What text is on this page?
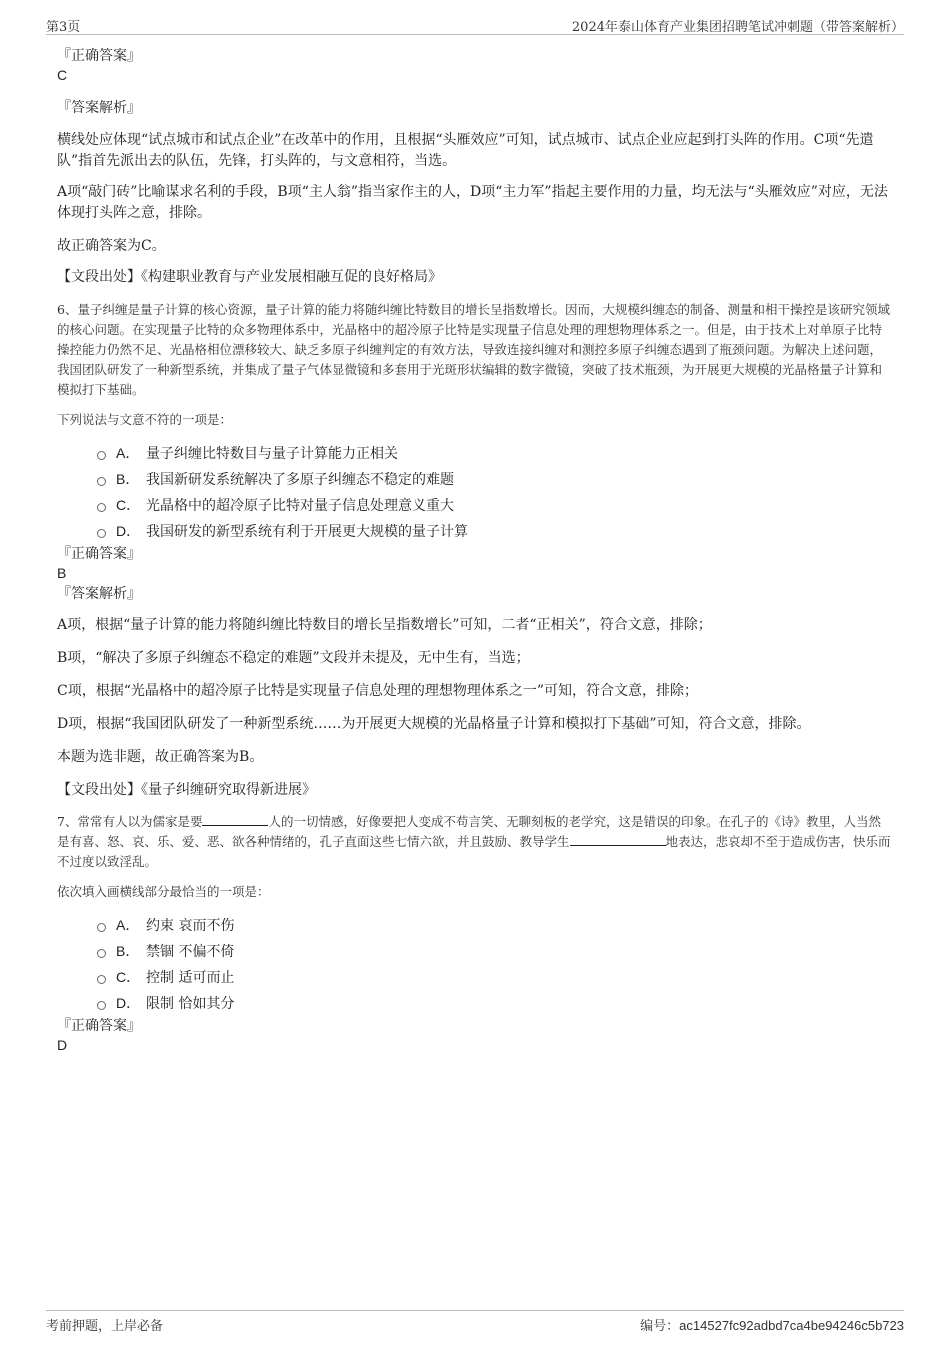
第3页	2024年泰山体育产业集团招聘笔试冲刺题（带答案解析）
『正确答案』
C
『答案解析』

横线处应体现“试点城市和试点企业”在改革中的作用，且根据“头雁效应”可知，试点城市、试点企业应起到打头阵的作用。C项“先遣队”指首先派出去的队伍，先锋，打头阵的，与文意相符，当选。

A项“敲门砖”比喻谋求名利的手段，B项“主人翁”指当家作主的人，D项“主力军”指起主要作用的力量，均无法与“头雁效应”对应，无法体现打头阵之意，排除。

故正确答案为C。

【文段出处】《构建职业教育与产业发展相融互促的良好格局》

6、量子纠缠是量子计算的核心资源，量子计算的能力将随纠缠比特数目的增长呈指数增长。因而，大规模纠缠态的制备、测量和相干操控是该研究领域的核心问题。在实现量子比特的众多物理体系中，光晶格中的超冷原子比特是实现量子信息处理的理想物理体系之一。但是，由于技术上对单原子比特操控能力仍然不足、光晶格相位漂移较大、缺乏多原子纠缠判定的有效方法，导致连接纠缠对和测控多原子纠缠态遇到了瓶颈问题。为解决上述问题，我国团队研发了一种新型系统，并集成了量子气体显微镜和多套用于光斑形状编辑的数字微镜，突破了技术瓶颈，为开展更大规模的光晶格量子计算和模拟打下基础。

下列说法与文意不符的一项是：

A． 量子纠缠比特数目与量子计算能力正相关
B． 我国新研发系统解决了多原子纠缠态不稳定的难题
C． 光晶格中的超冷原子比特对量子信息处理意义重大
D． 我国研发的新型系统有利于开展更大规模的量子计算
『正确答案』
B
『答案解析』

A项，根据“量子计算的能力将随纠缠比特数目的增长呈指数增长”可知，二者“正相关”，符合文意，排除；

B项，“解决了多原子纠缠态不稳定的难题”文段并未提及，无中生有，当选；

C项，根据“光晶格中的超冷原子比特是实现量子信息处理的理想物理体系之一”可知，符合文意，排除；

D项，根据“我国团队研发了一种新型系统……为开展更大规模的光晶格量子计算和模拟打下基础”可知，符合文意，排除。

本题为选非题，故正确答案为B。

【文段出处】《量子纠缠研究取得新进展》

7、常常有人以为儒家是要	人的一切情感，好像要把人变成不苟言笑、无聊刻板的老学究，这是错误的印象。在孔子的《诗》教里，人当然是有喜、怒、哀、乐、爱、恶、欲各种情绪的，孔子直面这些七情六欲，并且鼓励、教导学生	地表达，悲哀却不至于造成伤害，快乐而不过度以致淫乱。

依次填入画横线部分最恰当的一项是：

A． 约束 哀而不伤
B． 禁锢 不偏不倚
C． 控制 适可而止
D． 限制 恰如其分
『正确答案』
D
考前押题，上岸必备	编号：ac14527fc92adbd7ca4be94246c5b723
